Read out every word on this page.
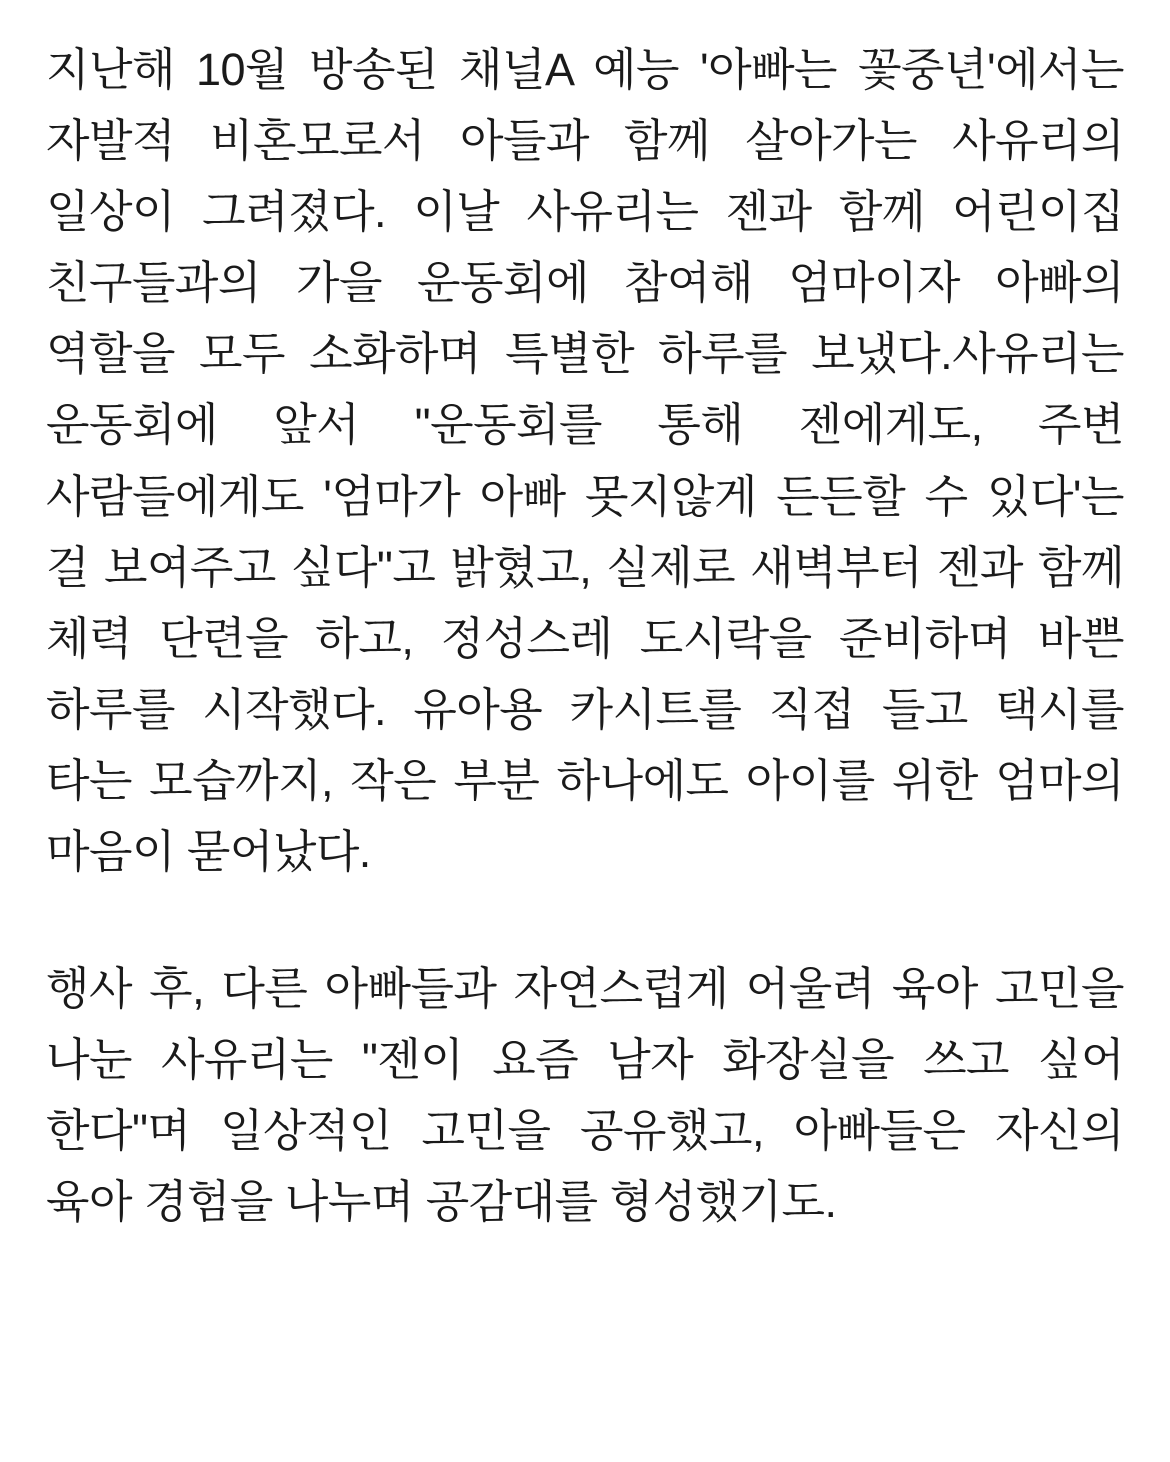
지난해 10월 방송된 채널A 예능 '아빠는 꽃중년'에서는 자발적 비혼모로서 아들과 함께 살아가는 사유리의 일상이 그려졌다. 이날 사유리는 젠과 함께 어린이집 친구들과의 가을 운동회에 참여해 엄마이자 아빠의 역할을 모두 소화하며 특별한 하루를 보냈다.사유리는 운동회에 앞서 "운동회를 통해 젠에게도, 주변 사람들에게도 '엄마가 아빠 못지않게 든든할 수 있다'는 걸 보여주고 싶다"고 밝혔고, 실제로 새벽부터 젠과 함께 체력 단련을 하고, 정성스레 도시락을 준비하며 바쁜 하루를 시작했다. 유아용 카시트를 직접 들고 택시를 타는 모습까지, 작은 부분 하나에도 아이를 위한 엄마의 마음이 묻어났다.

행사 후, 다른 아빠들과 자연스럽게 어울려 육아 고민을 나눈 사유리는 "젠이 요즘 남자 화장실을 쓰고 싶어 한다"며 일상적인 고민을 공유했고, 아빠들은 자신의 육아 경험을 나누며 공감대를 형성했기도.
